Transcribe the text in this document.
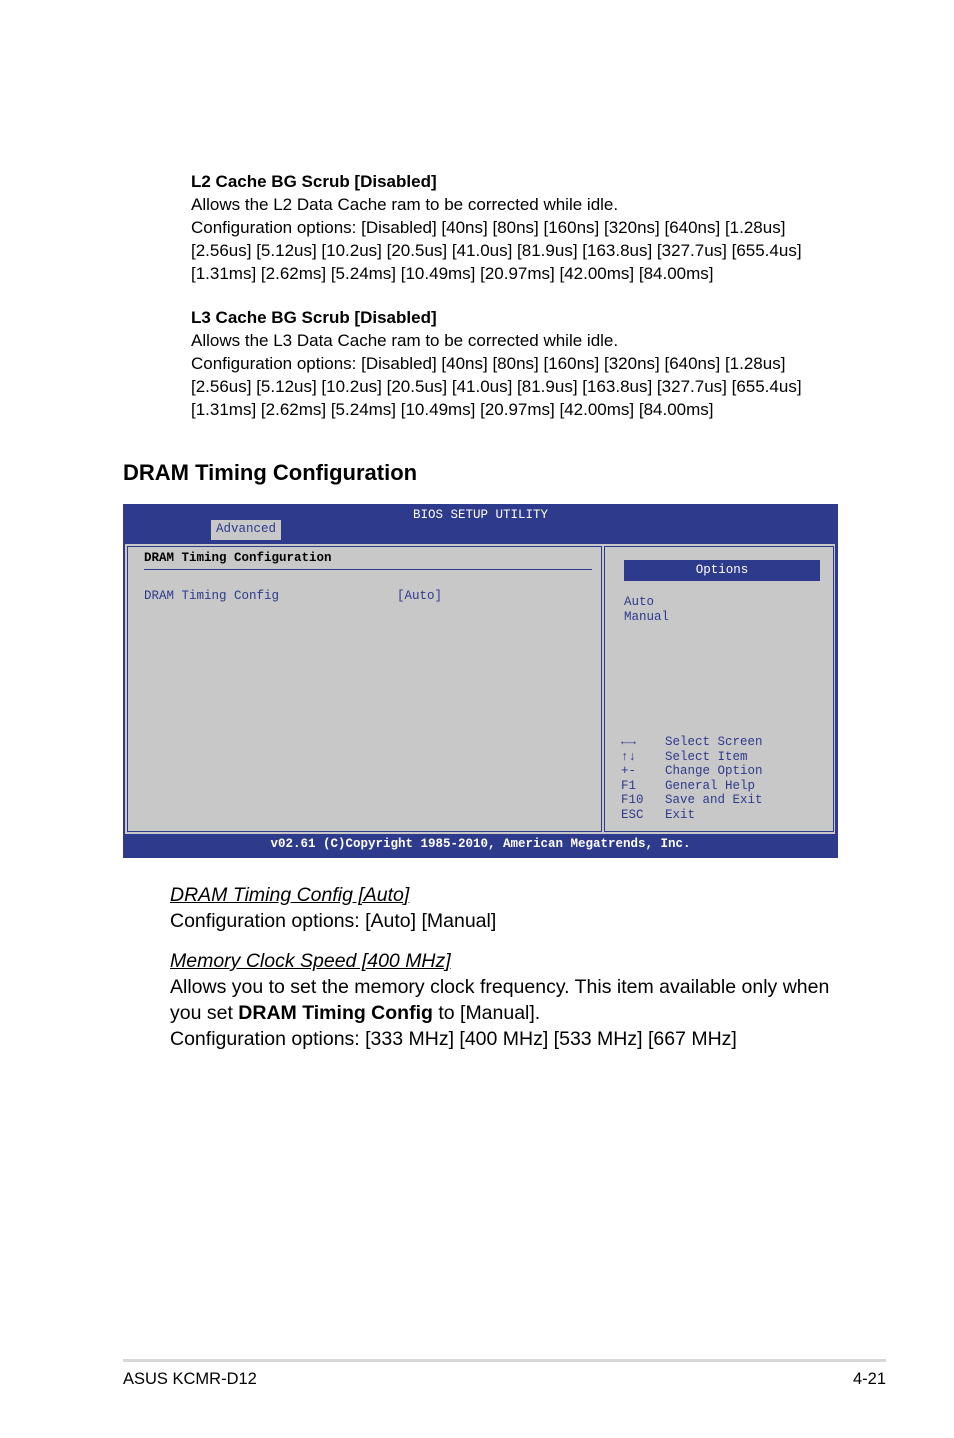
L2 Cache BG Scrub [Disabled]

Allows the L2 Data Cache ram to be corrected while idle.

Configuration options: [Disabled] [40ns] [80ns] [160ns] [320ns] [640ns] [1.28us]

[2.56us] [5.12us] [10.2us] [20.5us] [41.0us] [81.9us] [163.8us] [327.7us] [655.4us]

[1.31ms] [2.62ms] [5.24ms] [10.49ms] [20.97ms] [42.00ms] [84.00ms]

L3 Cache BG Scrub [Disabled]

Allows the L3 Data Cache ram to be corrected while idle.

Configuration options: [Disabled] [40ns] [80ns] [160ns] [320ns] [640ns] [1.28us]

[2.56us] [5.12us] [10.2us] [20.5us] [41.0us] [81.9us] [163.8us] [327.7us] [655.4us]

[1.31ms] [2.62ms] [5.24ms] [10.49ms] [20.97ms] [42.00ms] [84.00ms]

DRAM Timing Configuration
BIOS SETUP UTILITY
Advanced
DRAM Timing Configuration
DRAM Timing Config	[Auto]
Options
Auto
Manual
←→ Select Screen
↑↓ Select Item
+- Change Option
F1 General Help
F10 Save and Exit
ESC Exit
v02.61 (C)Copyright 1985-2010, American Megatrends, Inc.

DRAM Timing Config [Auto]

Configuration options: [Auto] [Manual]

Memory Clock Speed [400 MHz]

Allows you to set the memory clock frequency. This item available only when

you set DRAM Timing Config to [Manual].

Configuration options: [333 MHz] [400 MHz] [533 MHz] [667 MHz]

ASUS KCMR-D12	4-21
